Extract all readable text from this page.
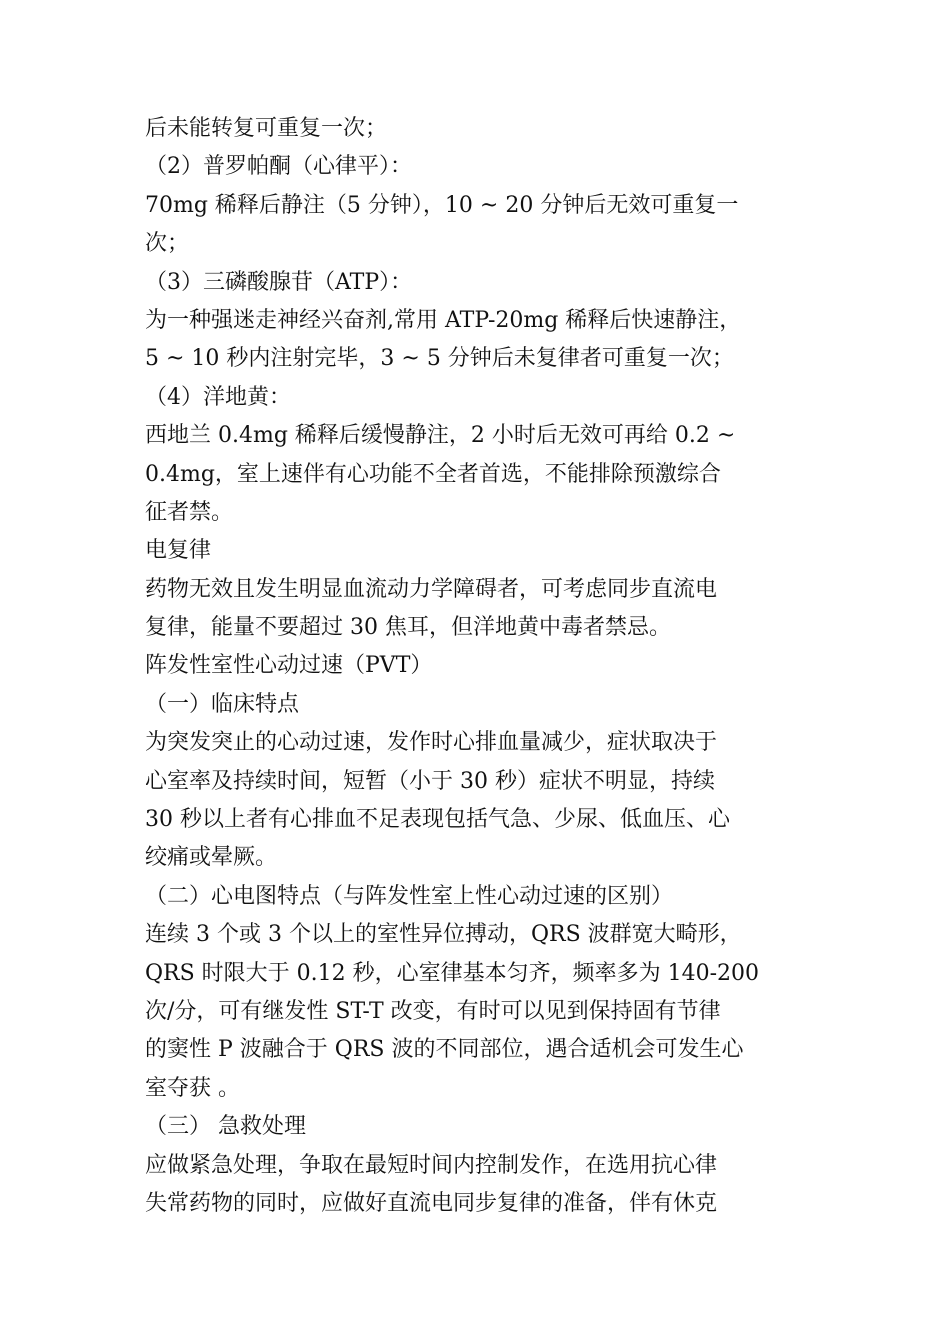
后未能转复可重复一次；
（2）普罗帕酮（心律平）：
70mg 稀释后静注（5 分钟），10 ~ 20 分钟后无效可重复一
次；
（3）三磷酸腺苷（ATP）：
为一种强迷走神经兴奋剂,常用 ATP-20mg 稀释后快速静注，
5 ~ 10 秒内注射完毕，3 ~ 5 分钟后未复律者可重复一次；
（4）洋地黄：
西地兰 0.4mg 稀释后缓慢静注，2 小时后无效可再给 0.2 ~
0.4mg，室上速伴有心功能不全者首选，不能排除预激综合
征者禁。
电复律
药物无效且发生明显血流动力学障碍者，可考虑同步直流电
复律，能量不要超过 30 焦耳，但洋地黄中毒者禁忌。
阵发性室性心动过速（PVT）
（一）临床特点
为突发突止的心动过速，发作时心排血量减少，症状取决于
心室率及持续时间，短暂（小于 30 秒）症状不明显，持续
30 秒以上者有心排血不足表现包括气急、少尿、低血压、心
绞痛或晕厥。
（二）心电图特点（与阵发性室上性心动过速的区别）
连续 3 个或 3 个以上的室性异位搏动，QRS 波群宽大畸形，
QRS 时限大于 0.12 秒，心室律基本匀齐，频率多为 140-200
次/分，可有继发性 ST-T 改变，有时可以见到保持固有节律
的窦性 P 波融合于 QRS 波的不同部位，遇合适机会可发生心
室夺获 。
（三） 急救处理
应做紧急处理，争取在最短时间内控制发作，在选用抗心律
失常药物的同时，应做好直流电同步复律的准备，伴有休克
